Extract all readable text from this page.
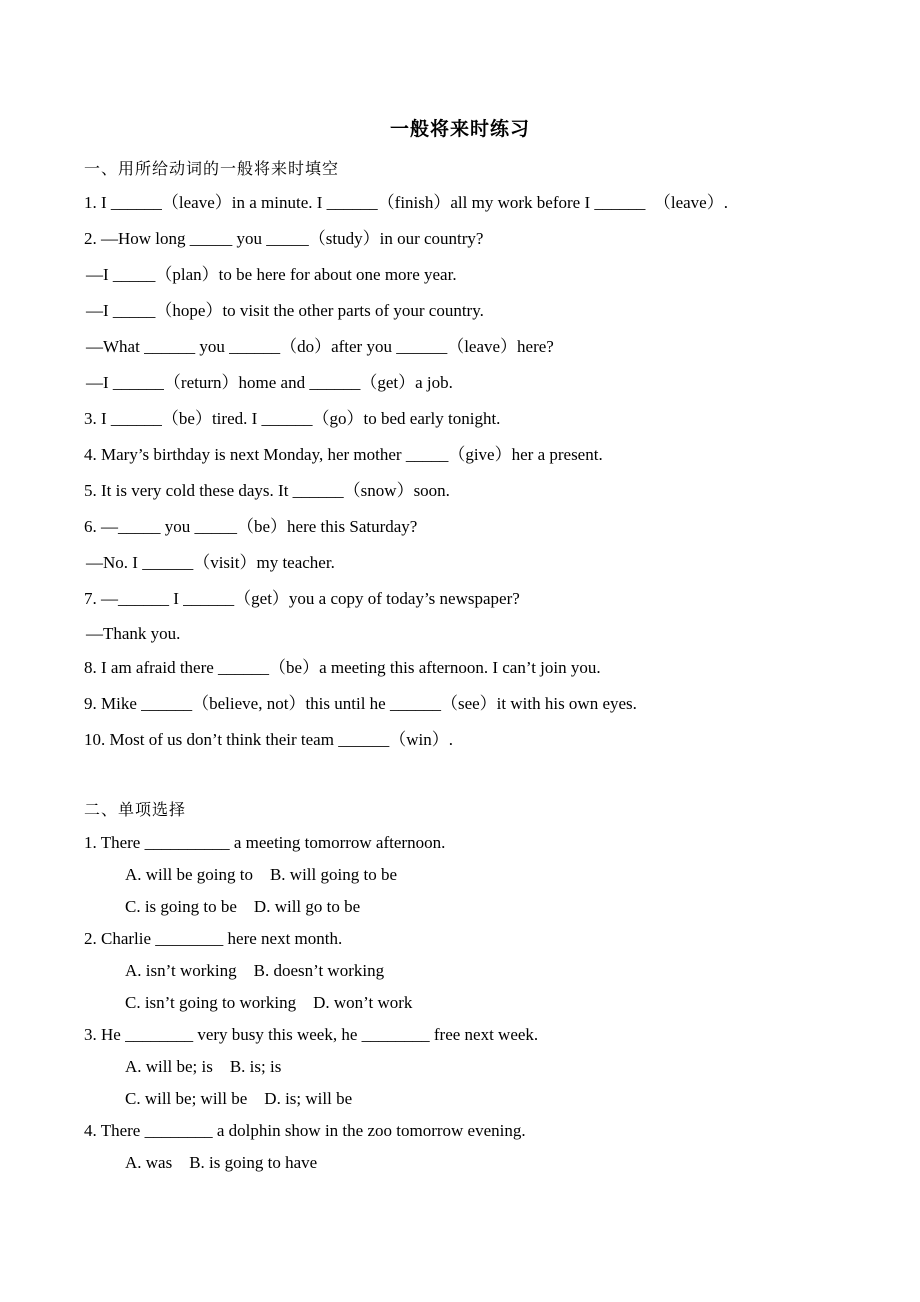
一般将来时练习
一、用所给动词的一般将来时填空
1. I ______（leave）in a minute. I ______（finish）all my work before I ______  （leave）.
2. —How long _____ you _____（study）in our country?
—I _____（plan）to be here for about one more year.
—I _____（hope）to visit the other parts of your country.
—What ______ you ______（do）after you ______（leave）here?
—I ______（return）home and ______（get）a job.
3. I ______（be）tired. I ______（go）to bed early tonight.
4. Mary’s birthday is next Monday, her mother _____（give）her a present.
5. It is very cold these days. It ______（snow）soon.
6. —_____ you _____（be）here this Saturday?
—No. I ______（visit）my teacher.
7. —______ I ______（get）you a copy of today’s newspaper?
—Thank you.
8. I am afraid there ______（be）a meeting this afternoon. I can’t join you.
9. Mike ______（believe, not）this until he ______（see）it with his own eyes.
10. Most of us don’t think their team ______（win）.
二、单项选择
1. There __________ a meeting tomorrow afternoon.
A. will be going to    B. will going to be
C. is going to be    D. will go to be
2. Charlie ________ here next month.
A. isn’t working    B. doesn’t working
C. isn’t going to working    D. won’t work
3. He ________ very busy this week, he ________ free next week.
A. will be; is    B. is; is
C. will be; will be    D. is; will be
4. There ________ a dolphin show in the zoo tomorrow evening.
A. was    B. is going to have
